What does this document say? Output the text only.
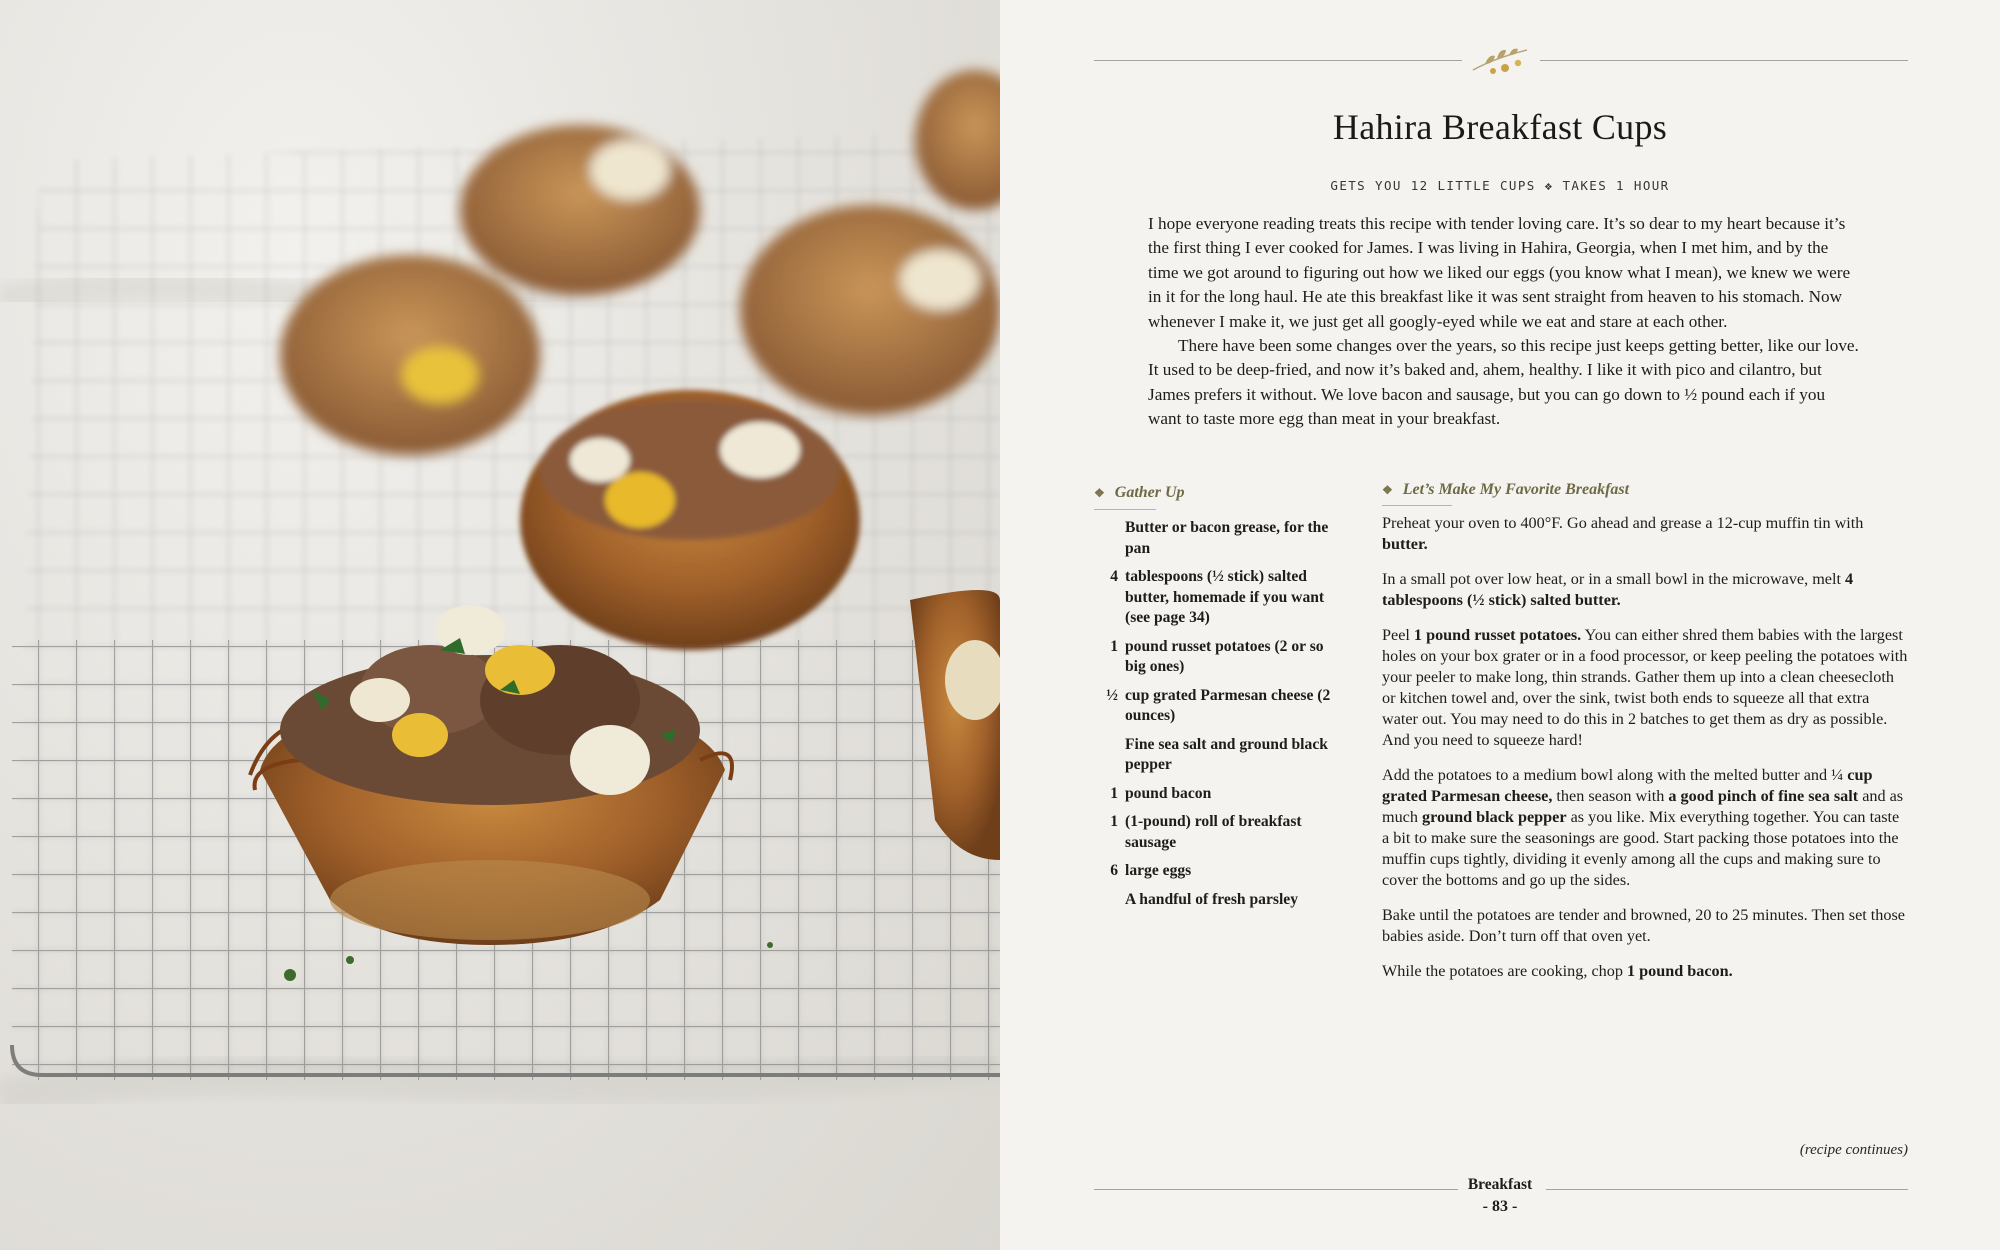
Hahira Breakfast Cups
GETS YOU 12 LITTLE CUPS ❖ TAKES 1 HOUR

I hope everyone reading treats this recipe with tender loving care. It’s so dear to my heart because it’s the first thing I ever cooked for James. I was living in Hahira, Georgia, when I met him, and by the time we got around to figuring out how we liked our eggs (you know what I mean), we knew we were in it for the long haul. He ate this breakfast like it was sent straight from heaven to his stomach. Now whenever I make it, we just get all googly-eyed while we eat and stare at each other.

There have been some changes over the years, so this recipe just keeps getting better, like our love. It used to be deep-fried, and now it’s baked and, ahem, healthy. I like it with pico and cilantro, but James prefers it without. We love bacon and sausage, but you can go down to ½ pound each if you want to taste more egg than meat in your breakfast.

❖ Gather Up	❖ Let’s Make My Favorite Breakfast
Butter or bacon grease, for the pan
4 tablespoons (½ stick) salted butter, homemade if you want (see page 34)
1 pound russet potatoes (2 or so big ones)
½ cup grated Parmesan cheese (2 ounces)
Fine sea salt and ground black pepper
1 pound bacon
1 (1-pound) roll of breakfast sausage
6 large eggs
A handful of fresh parsley

Preheat your oven to 400°F. Go ahead and grease a 12-cup muffin tin with butter.

In a small pot over low heat, or in a small bowl in the microwave, melt 4 tablespoons (½ stick) salted butter.

Peel 1 pound russet potatoes. You can either shred them babies with the largest holes on your box grater or in a food processor, or keep peeling the potatoes with your peeler to make long, thin strands. Gather them up into a clean cheesecloth or kitchen towel and, over the sink, twist both ends to squeeze all that extra water out. You may need to do this in 2 batches to get them as dry as possible. And you need to squeeze hard!

Add the potatoes to a medium bowl along with the melted butter and ¼ cup grated Parmesan cheese, then season with a good pinch of fine sea salt and as much ground black pepper as you like. Mix everything together. You can taste a bit to make sure the seasonings are good. Start packing those potatoes into the muffin cups tightly, dividing it evenly among all the cups and making sure to cover the bottoms and go up the sides.

Bake until the potatoes are tender and browned, 20 to 25 minutes. Then set those babies aside. Don’t turn off that oven yet.

While the potatoes are cooking, chop 1 pound bacon.

(recipe continues)
Breakfast
- 83 -
